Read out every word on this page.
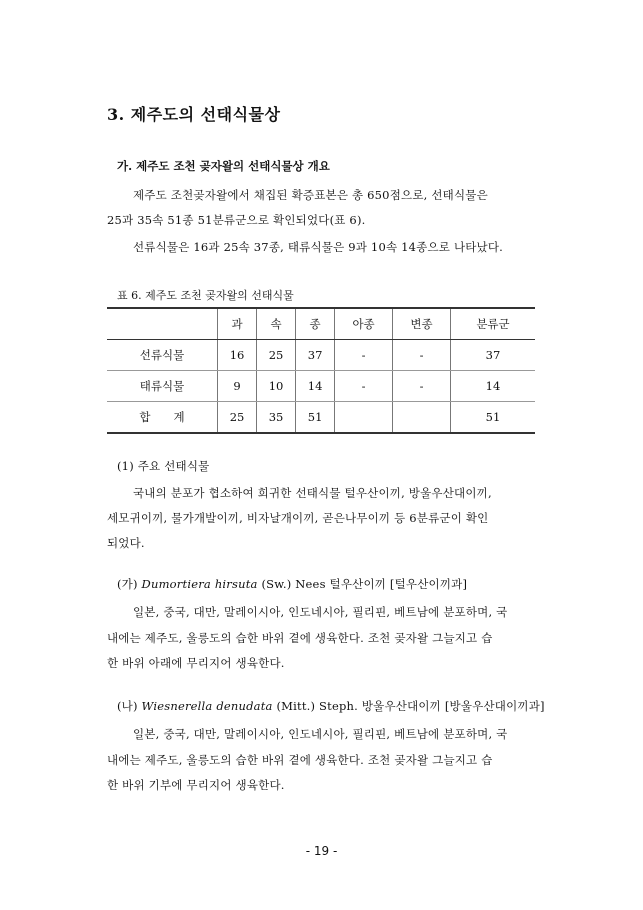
3. 제주도의 선태식물상
가. 제주도 조천 곶자왈의 선태식물상 개요
제주도 조천곶자왈에서 채집된 확증표본은 총 650점으로, 선태식물은
25과 35속 51종 51분류군으로 확인되었다(표 6).
선류식물은 16과 25속 37종, 태류식물은 9과 10속 14종으로 나타났다.
표 6. 제주도 조천 곶자왈의 선태식물
	과	속	종	아종	변종	분류군
선류식물	16	25	37	-	-	37
태류식물	9	10	14	-	-	14
합　　계	25	35	51			51
(1) 주요 선태식물
국내의 분포가 협소하여 희귀한 선태식물 털우산이끼, 방울우산대이끼,
세모귀이끼, 물가개발이끼, 비자날개이끼, 곧은나무이끼 등 6분류군이 확인
되었다.
(가) Dumortiera hirsuta (Sw.) Nees 털우산이끼 [털우산이끼과]
일본, 중국, 대만, 말레이시아, 인도네시아, 필리핀, 베트남에 분포하며, 국
내에는 제주도, 울릉도의 습한 바위 곁에 생육한다. 조천 곶자왈 그늘지고 습
한 바위 아래에 무리지어 생육한다.
(나) Wiesnerella denudata (Mitt.) Steph. 방울우산대이끼 [방울우산대이끼과]
일본, 중국, 대만, 말레이시아, 인도네시아, 필리핀, 베트남에 분포하며, 국
내에는 제주도, 울릉도의 습한 바위 곁에 생육한다. 조천 곶자왈 그늘지고 습
한 바위 기부에 무리지어 생육한다.
- 19 -
